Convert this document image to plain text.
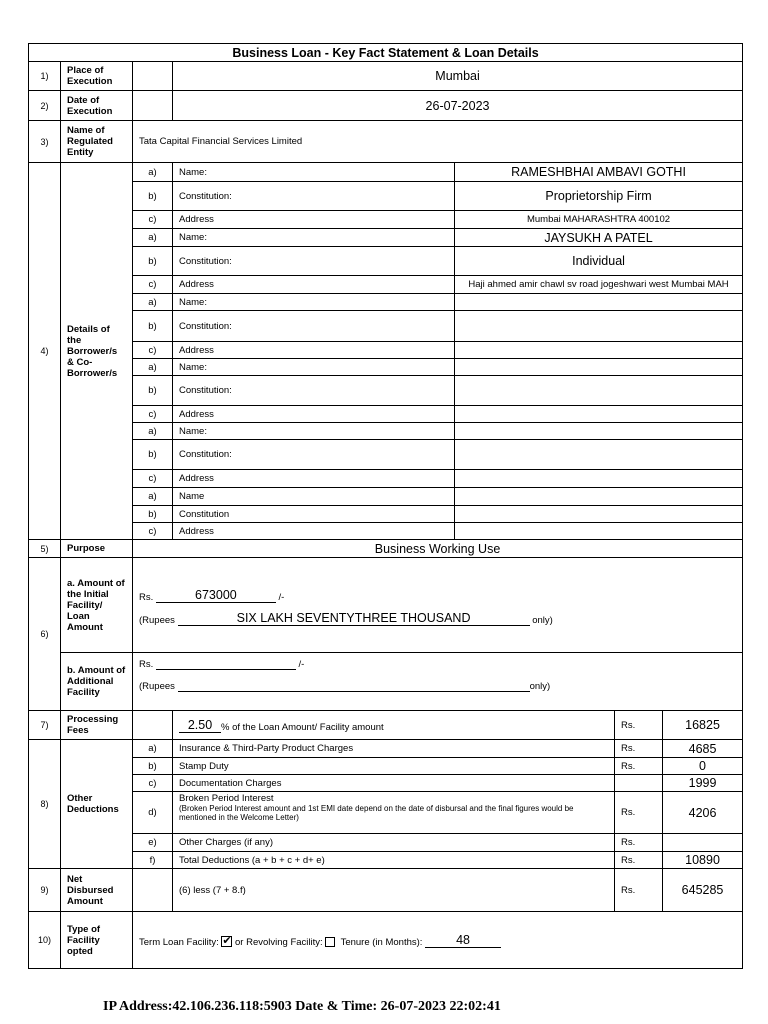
Business Loan - Key Fact Statement & Loan Details						
1)	Place of Execution		Mumbai			
2)	Date of Execution		26-07-2023			
3)	Name of Regulated Entity	Tata Capital Financial Services Limited				
4)	Details of the Borrower/s & Co-Borrower/s	a)	Name:	RAMESHBHAI AMBAVI GOTHI		
		b)	Constitution:	Proprietorship Firm		
		c)	Address	Mumbai MAHARASHTRA 400102		
		a)	Name:	JAYSUKH A PATEL		
		b)	Constitution:	Individual		
		c)	Address	Haji ahmed amir chawl sv road jogeshwari west Mumbai MAH		
		a)	Name:			
		b)	Constitution:			
		c)	Address			
		a)	Name:			
		b)	Constitution:			
		c)	Address			
		a)	Name:			
		b)	Constitution:			
		c)	Address			
		a)	Name			
		b)	Constitution			
		c)	Address			
5)	Purpose	Business Working Use				
6)	a. Amount of the Initial Facility/ Loan Amount	Rs. 673000 /-
(Rupees SIX LAKH SEVENTYTHREE THOUSAND only)				

	b. Amount of Additional Facility	Rs. /-
(Rupees only)				

7)	Processing Fees		2.50 % of the Loan Amount/ Facility amount		Rs.	16825
8)	Other Deductions	a)	Insurance & Third-Party Product Charges		Rs.	4685
		b)	Stamp Duty		Rs.	0
		c)	Documentation Charges			1999
		d)	Broken Period Interest
(Broken Period Interest amount and 1st EMI date depend on the date of disbursal and the final figures would be mentioned in the Welcome Letter)		Rs.	4206
		e)	Other Charges (if any)		Rs.	
		f)	Total Deductions (a + b + c + d+ e)		Rs.	10890
9)	Net Disbursed Amount		(6) less (7 + 8.f)		Rs.	645285
10)	Type of Facility opted	Term Loan Facility: ✔ or Revolving Facility: Tenure (in Months): 48				
IP Address:42.106.236.118:5903 Date & Time: 26-07-2023 22:02:41
